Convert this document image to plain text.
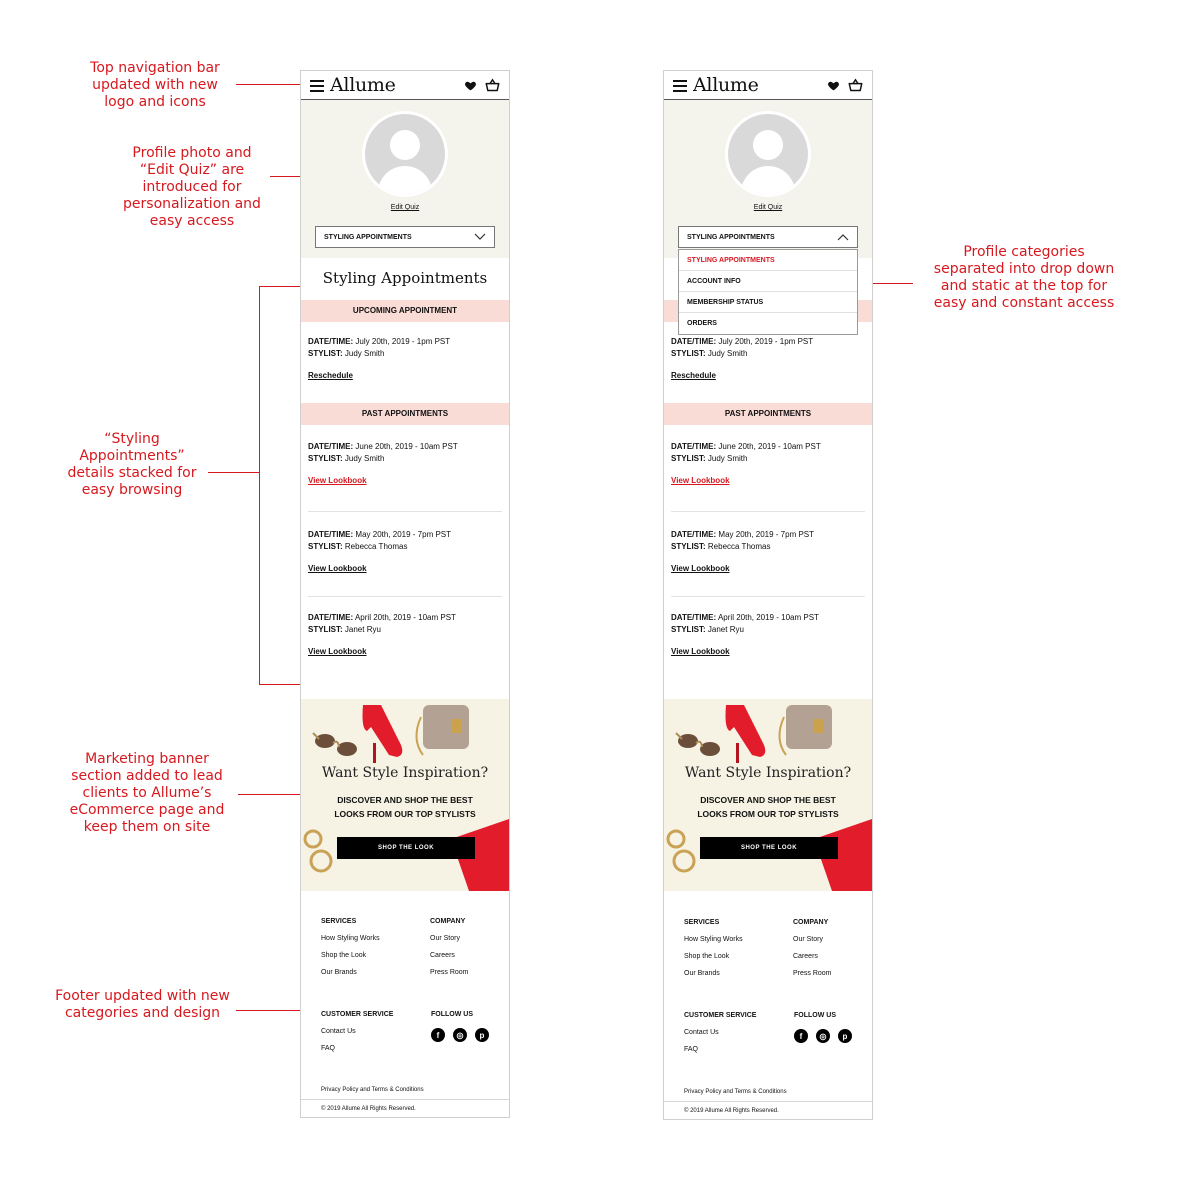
Top navigation bar
updated with new
logo and icons
Profile photo and
“Edit Quiz” are
introduced for
personalization and
easy access
“Styling
Appointments”
details stacked for
easy browsing
Marketing banner
section added to lead
clients to Allume’s
eCommerce page and
keep them on site
Footer updated with new
categories and design
Profile categories
separated into drop down
and static at the top for
easy and constant access
Allume
Edit Quiz
STYLING APPOINTMENTS
Styling Appointments
UPCOMING APPOINTMENT

DATE/TIME: July 20th, 2019 - 1pm PST

STYLIST: Judy Smith

Reschedule
PAST APPOINTMENTS

DATE/TIME: June 20th, 2019 - 10am PST

STYLIST: Judy Smith

View Lookbook

DATE/TIME: May 20th, 2019 - 7pm PST

STYLIST: Rebecca Thomas

View Lookbook

DATE/TIME: April 20th, 2019 - 10am PST

STYLIST: Janet Ryu

View Lookbook
Want Style Inspiration?
DISCOVER AND SHOP THE BEST
LOOKS FROM OUR TOP STYLISTS
SHOP THE LOOK
SERVICES
How Styling Works
Shop the Look
Our Brands
COMPANY
Our Story
Careers
Press Room
CUSTOMER SERVICE
Contact Us
FAQ
FOLLOW US
f	◎	p
Privacy Policy and Terms & Conditions
© 2019 Allume All Rights Reserved.
Allume
Edit Quiz
STYLING APPOINTMENTS

DATE/TIME: July 20th, 2019 - 1pm PST

STYLIST: Judy Smith

Reschedule
PAST APPOINTMENTS

DATE/TIME: June 20th, 2019 - 10am PST

STYLIST: Judy Smith

View Lookbook

DATE/TIME: May 20th, 2019 - 7pm PST

STYLIST: Rebecca Thomas

View Lookbook

DATE/TIME: April 20th, 2019 - 10am PST

STYLIST: Janet Ryu

View Lookbook
STYLING APPOINTMENTS
ACCOUNT INFO
MEMBERSHIP STATUS
ORDERS
Want Style Inspiration?
DISCOVER AND SHOP THE BEST
LOOKS FROM OUR TOP STYLISTS
SHOP THE LOOK
SERVICES
How Styling Works
Shop the Look
Our Brands
COMPANY
Our Story
Careers
Press Room
CUSTOMER SERVICE
Contact Us
FAQ
FOLLOW US
f	◎	p
Privacy Policy and Terms & Conditions
© 2019 Allume All Rights Reserved.
